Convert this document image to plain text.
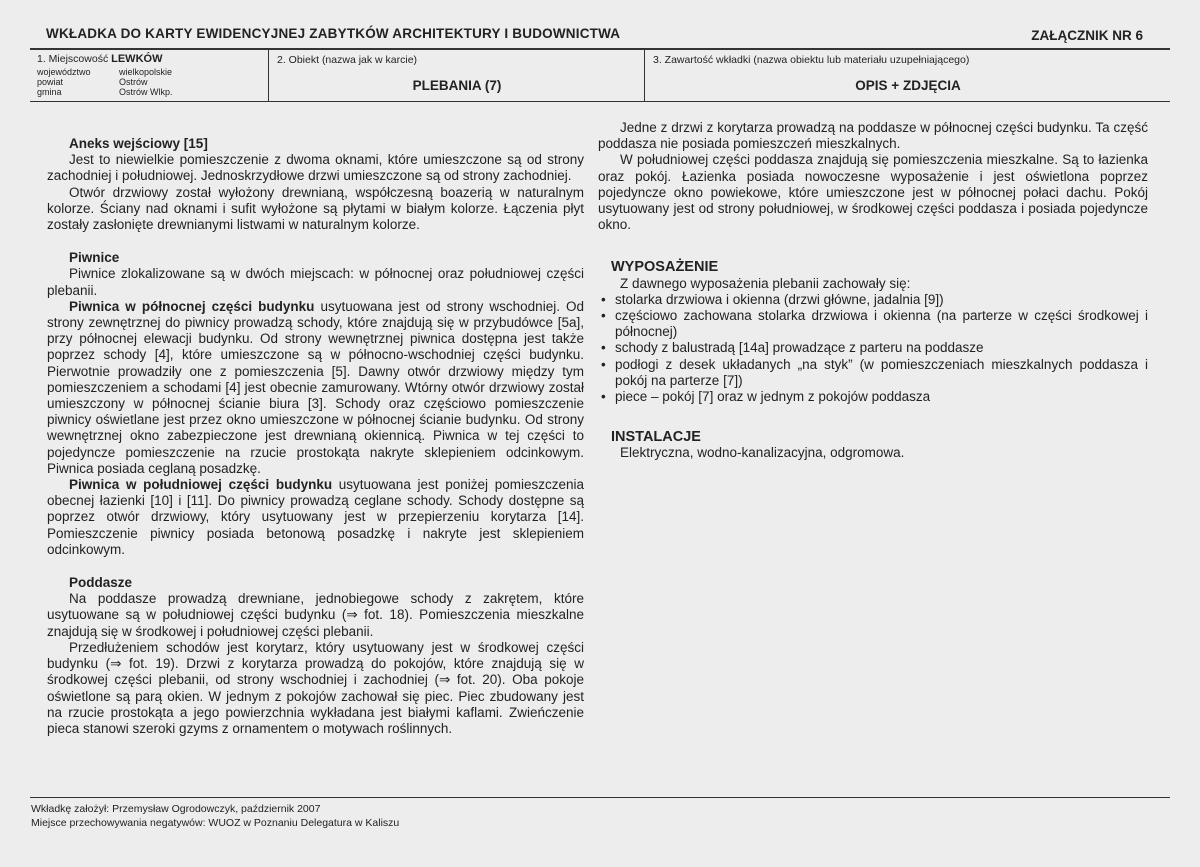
WKŁADKA DO KARTY EWIDENCYJNEJ ZABYTKÓW ARCHITEKTURY I BUDOWNICTWA	ZAŁĄCZNIK NR 6
1. Miejscowość LEWKÓW
województwo	wielkopolskie
powiat	Ostrów
gmina	Ostrów Wlkp.
2. Obiekt (nazwa jak w karcie)
PLEBANIA (7)
3. Zawartość wkładki (nazwa obiektu lub materiału uzupełniającego)
OPIS + ZDJĘCIA
Aneks wejściowy [15]

Jest to niewielkie pomieszczenie z dwoma oknami, które umieszczone są od strony zachodniej i południowej. Jednoskrzydłowe drzwi umieszczone są od strony zachodniej.

Otwór drzwiowy został wyłożony drewnianą, współczesną boazerią w naturalnym kolorze. Ściany nad oknami i sufit wyłożone są płytami w białym kolorze. Łączenia płyt zostały zasłonięte drewnianymi listwami w naturalnym kolorze.

Piwnice

Piwnice zlokalizowane są w dwóch miejscach: w północnej oraz południowej części plebanii.

Piwnica w północnej części budynku usytuowana jest od strony wschodniej. Od strony zewnętrznej do piwnicy prowadzą schody, które znajdują się w przybudówce [5a], przy północnej elewacji budynku. Od strony wewnętrznej piwnica dostępna jest także poprzez schody [4], które umieszczone są w północno-wschodniej części budynku. Pierwotnie prowadziły one z pomieszczenia [5]. Dawny otwór drzwiowy między tym pomieszczeniem a schodami [4] jest obecnie zamurowany. Wtórny otwór drzwiowy został umieszczony w północnej ścianie biura [3]. Schody oraz częściowo pomieszczenie piwnicy oświetlane jest przez okno umieszczone w północnej ścianie budynku. Od strony wewnętrznej okno zabezpieczone jest drewnianą okiennicą. Piwnica w tej części to pojedyncze pomieszczenie na rzucie prostokąta nakryte sklepieniem odcinkowym. Piwnica posiada ceglaną posadzkę.

Piwnica w południowej części budynku usytuowana jest poniżej pomieszczenia obecnej łazienki [10] i [11]. Do piwnicy prowadzą ceglane schody. Schody dostępne są poprzez otwór drzwiowy, który usytuowany jest w przepierzeniu korytarza [14]. Pomieszczenie piwnicy posiada betonową posadzkę i nakryte jest sklepieniem odcinkowym.

Poddasze

Na poddasze prowadzą drewniane, jednobiegowe schody z zakrętem, które usytuowane są w południowej części budynku (⇒ fot. 18). Pomieszczenia mieszkalne znajdują się w środkowej i południowej części plebanii.

Przedłużeniem schodów jest korytarz, który usytuowany jest w środkowej części budynku (⇒ fot. 19). Drzwi z korytarza prowadzą do pokojów, które znajdują się w środkowej części plebanii, od strony wschodniej i zachodniej (⇒ fot. 20). Oba pokoje oświetlone są parą okien. W jednym z pokojów zachował się piec. Piec zbudowany jest na rzucie prostokąta a jego powierzchnia wykładana jest białymi kaflami. Zwieńczenie pieca stanowi szeroki gzyms z ornamentem o motywach roślinnych.

Jedne z drzwi z korytarza prowadzą na poddasze w północnej części budynku. Ta część poddasza nie posiada pomieszczeń mieszkalnych.

W południowej części poddasza znajdują się pomieszczenia mieszkalne. Są to łazienka oraz pokój. Łazienka posiada nowoczesne wyposażenie i jest oświetlona poprzez pojedyncze okno powiekowe, które umieszczone jest w północnej połaci dachu. Pokój usytuowany jest od strony południowej, w środkowej części poddasza i posiada pojedyncze okno.

WYPOSAŻENIE

Z dawnego wyposażenia plebanii zachowały się:

• stolarka drzwiowa i okienna (drzwi główne, jadalnia [9])
• częściowo zachowana stolarka drzwiowa i okienna (na parterze w części środkowej i północnej)
• schody z balustradą [14a] prowadzące z parteru na poddasze
• podłogi z desek układanych „na styk” (w pomieszczeniach mieszkalnych poddasza i pokój na parterze [7])
• piece – pokój [7] oraz w jednym z pokojów poddasza
INSTALACJE

Elektryczna, wodno-kanalizacyjna, odgromowa.

Wkładkę założył: Przemysław Ogrodowczyk, październik 2007
Miejsce przechowywania negatywów: WUOZ w Poznaniu Delegatura w Kaliszu
